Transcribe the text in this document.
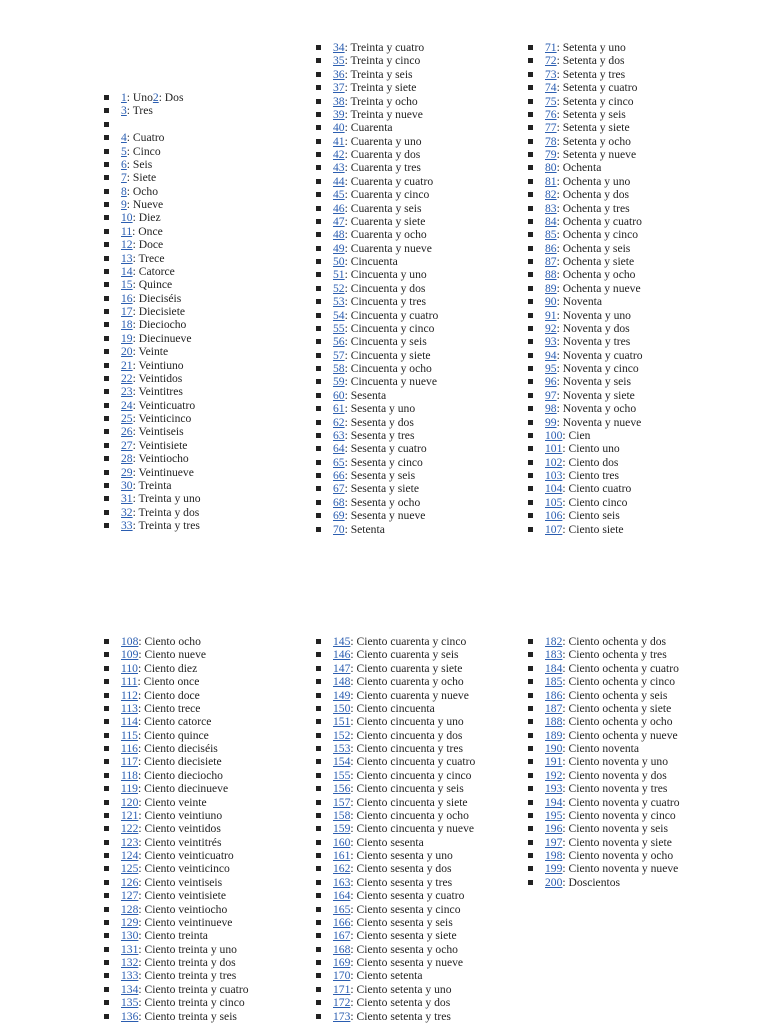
1: Uno2: Dos
3: Tres
4: Cuatro
5: Cinco
6: Seis
7: Siete
8: Ocho
9: Nueve
10: Diez
11: Once
12: Doce
13: Trece
14: Catorce
15: Quince
16: Dieciséis
17: Diecisiete
18: Dieciocho
19: Diecinueve
20: Veinte
21: Veintiuno
22: Veintidos
23: Veintitres
24: Veinticuatro
25: Veinticinco
26: Veintiseis
27: Veintisiete
28: Veintiocho
29: Veintinueve
30: Treinta
31: Treinta y uno
32: Treinta y dos
33: Treinta y tres
34: Treinta y cuatro
35: Treinta y cinco
36: Treinta y seis
37: Treinta y siete
38: Treinta y ocho
39: Treinta y nueve
40: Cuarenta
41: Cuarenta y uno
42: Cuarenta y dos
43: Cuarenta y tres
44: Cuarenta y cuatro
45: Cuarenta y cinco
46: Cuarenta y seis
47: Cuarenta y siete
48: Cuarenta y ocho
49: Cuarenta y nueve
50: Cincuenta
51: Cincuenta y uno
52: Cincuenta y dos
53: Cincuenta y tres
54: Cincuenta y cuatro
55: Cincuenta y cinco
56: Cincuenta y seis
57: Cincuenta y siete
58: Cincuenta y ocho
59: Cincuenta y nueve
60: Sesenta
61: Sesenta y uno
62: Sesenta y dos
63: Sesenta y tres
64: Sesenta y cuatro
65: Sesenta y cinco
66: Sesenta y seis
67: Sesenta y siete
68: Sesenta y ocho
69: Sesenta y nueve
70: Setenta
71: Setenta y uno
72: Setenta y dos
73: Setenta y tres
74: Setenta y cuatro
75: Setenta y cinco
76: Setenta y seis
77: Setenta y siete
78: Setenta y ocho
79: Setenta y nueve
80: Ochenta
81: Ochenta y uno
82: Ochenta y dos
83: Ochenta y tres
84: Ochenta y cuatro
85: Ochenta y cinco
86: Ochenta y seis
87: Ochenta y siete
88: Ochenta y ocho
89: Ochenta y nueve
90: Noventa
91: Noventa y uno
92: Noventa y dos
93: Noventa y tres
94: Noventa y cuatro
95: Noventa y cinco
96: Noventa y seis
97: Noventa y siete
98: Noventa y ocho
99: Noventa y nueve
100: Cien
101: Ciento uno
102: Ciento dos
103: Ciento tres
104: Ciento cuatro
105: Ciento cinco
106: Ciento seis
107: Ciento siete
108: Ciento ocho
109: Ciento nueve
110: Ciento diez
111: Ciento once
112: Ciento doce
113: Ciento trece
114: Ciento catorce
115: Ciento quince
116: Ciento dieciséis
117: Ciento diecisiete
118: Ciento dieciocho
119: Ciento diecinueve
120: Ciento veinte
121: Ciento veintiuno
122: Ciento veintidos
123: Ciento veintitrés
124: Ciento veinticuatro
125: Ciento veinticinco
126: Ciento veintiseis
127: Ciento veintisiete
128: Ciento veintiocho
129: Ciento veintinueve
130: Ciento treinta
131: Ciento treinta y uno
132: Ciento treinta y dos
133: Ciento treinta y tres
134: Ciento treinta y cuatro
135: Ciento treinta y cinco
136: Ciento treinta y seis
145: Ciento cuarenta y cinco
146: Ciento cuarenta y seis
147: Ciento cuarenta y siete
148: Ciento cuarenta y ocho
149: Ciento cuarenta y nueve
150: Ciento cincuenta
151: Ciento cincuenta y uno
152: Ciento cincuenta y dos
153: Ciento cincuenta y tres
154: Ciento cincuenta y cuatro
155: Ciento cincuenta y cinco
156: Ciento cincuenta y seis
157: Ciento cincuenta y siete
158: Ciento cincuenta y ocho
159: Ciento cincuenta y nueve
160: Ciento sesenta
161: Ciento sesenta y uno
162: Ciento sesenta y dos
163: Ciento sesenta y tres
164: Ciento sesenta y cuatro
165: Ciento sesenta y cinco
166: Ciento sesenta y seis
167: Ciento sesenta y siete
168: Ciento sesenta y ocho
169: Ciento sesenta y nueve
170: Ciento setenta
171: Ciento setenta y uno
172: Ciento setenta y dos
173: Ciento setenta y tres
182: Ciento ochenta y dos
183: Ciento ochenta y tres
184: Ciento ochenta y cuatro
185: Ciento ochenta y cinco
186: Ciento ochenta y seis
187: Ciento ochenta y siete
188: Ciento ochenta y ocho
189: Ciento ochenta y nueve
190: Ciento noventa
191: Ciento noventa y uno
192: Ciento noventa y dos
193: Ciento noventa y tres
194: Ciento noventa y cuatro
195: Ciento noventa y cinco
196: Ciento noventa y seis
197: Ciento noventa y siete
198: Ciento noventa y ocho
199: Ciento noventa y nueve
200: Doscientos
